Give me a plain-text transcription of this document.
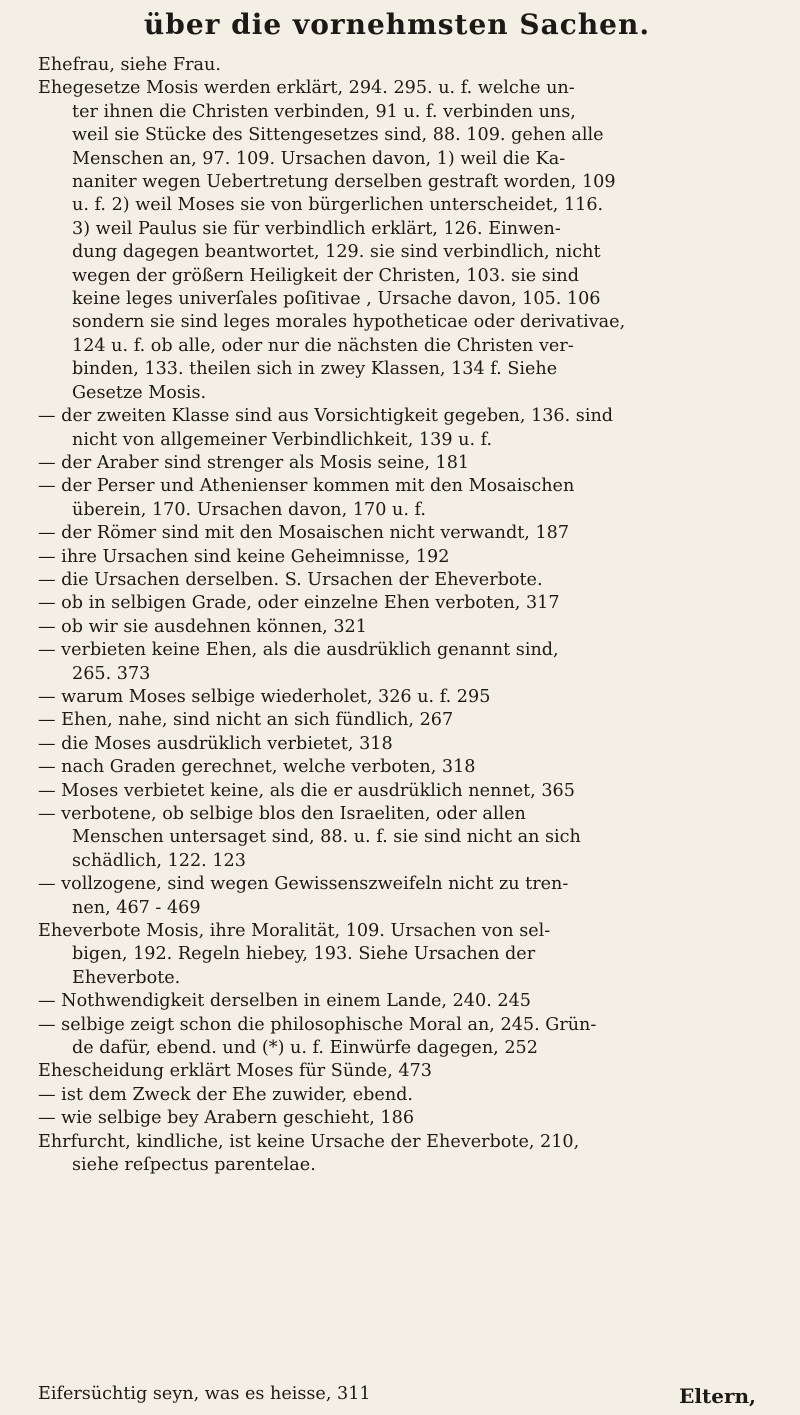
über die vornehmsten Sachen.
Ehefrau, siehe Frau.
Ehegesetze Mosis werden erklärt, 294. 295. u. f. welche un-
ter ihnen die Christen verbinden, 91 u. f. verbinden uns,
weil sie Stücke des Sittengesetzes sind, 88. 109. gehen alle
Menschen an, 97. 109. Ursachen davon, 1) weil die Ka-
naniter wegen Uebertretung derselben gestraft worden, 109
u. f. 2) weil Moses sie von bürgerlichen unterscheidet, 116.
3) weil Paulus sie für verbindlich erklärt, 126. Einwen-
dung dagegen beantwortet, 129. sie sind verbindlich, nicht
wegen der größern Heiligkeit der Christen, 103. sie sind
keine leges univerſales poſitivae , Ursache davon, 105. 106
sondern sie sind leges morales hypotheticae oder derivativae,
124 u. f. ob alle, oder nur die nächsten die Christen ver-
binden, 133. theilen sich in zwey Klassen, 134 f. Siehe
Gesetze Mosis.
— der zweiten Klasse sind aus Vorsichtigkeit gegeben, 136. sind
nicht von allgemeiner Verbindlichkeit, 139 u. f.
— der Araber sind strenger als Mosis seine, 181
— der Perser und Athenienser kommen mit den Mosaischen
überein, 170. Ursachen davon, 170 u. f.
— der Römer sind mit den Mosaischen nicht verwandt, 187
— ihre Ursachen sind keine Geheimnisse, 192
— die Ursachen derselben. S. Ursachen der Eheverbote.
— ob in selbigen Grade, oder einzelne Ehen verboten, 317
— ob wir sie ausdehnen können, 321
— verbieten keine Ehen, als die ausdrüklich genannt sind,
265. 373
— warum Moses selbige wiederholet, 326 u. f. 295
— Ehen, nahe, sind nicht an sich fündlich, 267
— die Moses ausdrüklich verbietet, 318
— nach Graden gerechnet, welche verboten, 318
— Moses verbietet keine, als die er ausdrüklich nennet, 365
— verbotene, ob selbige blos den Israeliten, oder allen
Menschen untersaget sind, 88. u. f. sie sind nicht an sich
schädlich, 122. 123
— vollzogene, sind wegen Gewissenszweifeln nicht zu tren-
nen, 467 - 469
Eheverbote Mosis, ihre Moralität, 109. Ursachen von sel-
bigen, 192. Regeln hiebey, 193. Siehe Ursachen der
Eheverbote.
— Nothwendigkeit derselben in einem Lande, 240. 245
— selbige zeigt schon die philosophische Moral an, 245. Grün-
de dafür, ebend. und (*) u. f. Einwürfe dagegen, 252
Ehescheidung erklärt Moses für Sünde, 473
— ist dem Zweck der Ehe zuwider, ebend.
— wie selbige bey Arabern geschieht, 186
Ehrfurcht, kindliche, ist keine Ursache der Eheverbote, 210,
siehe reſpectus parentelae.
Eifersüchtig seyn, was es heisse, 311	Eltern,
